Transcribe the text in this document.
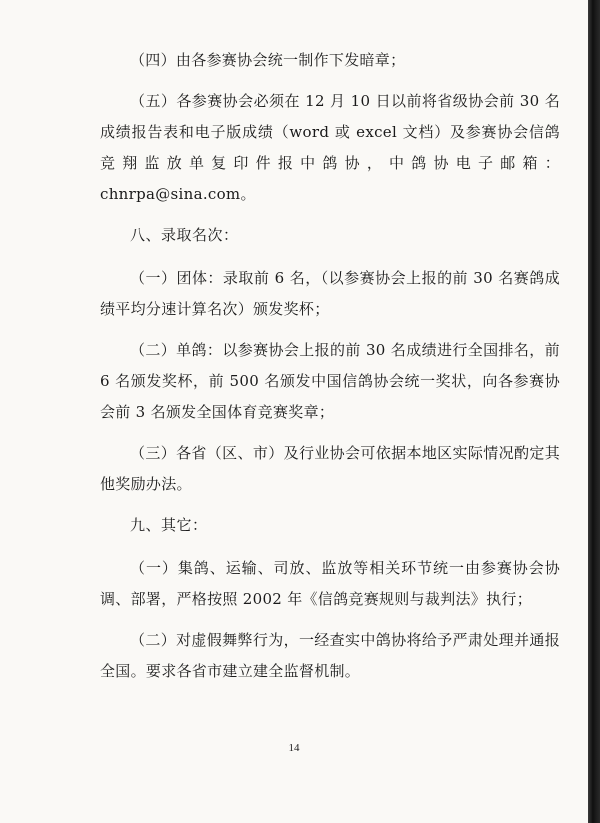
（四）由各参赛协会统一制作下发暗章；

（五）各参赛协会必须在 12 月 10 日以前将省级协会前 30 名成绩报告表和电子版成绩（word 或 excel 文档）及参赛协会信鸽竞翔监放单复印件报中鸽协，中鸽协电子邮箱：chnrpa@sina.com。

八、录取名次：

（一）团体：录取前 6 名，（以参赛协会上报的前 30 名赛鸽成绩平均分速计算名次）颁发奖杯；

（二）单鸽：以参赛协会上报的前 30 名成绩进行全国排名，前 6 名颁发奖杯，前 500 名颁发中国信鸽协会统一奖状，向各参赛协会前 3 名颁发全国体育竞赛奖章；

（三）各省（区、市）及行业协会可依据本地区实际情况酌定其他奖励办法。

九、其它：

（一）集鸽、运输、司放、监放等相关环节统一由参赛协会协调、部署，严格按照 2002 年《信鸽竞赛规则与裁判法》执行；

（二）对虚假舞弊行为，一经查实中鸽协将给予严肃处理并通报全国。要求各省市建立建全监督机制。

14
